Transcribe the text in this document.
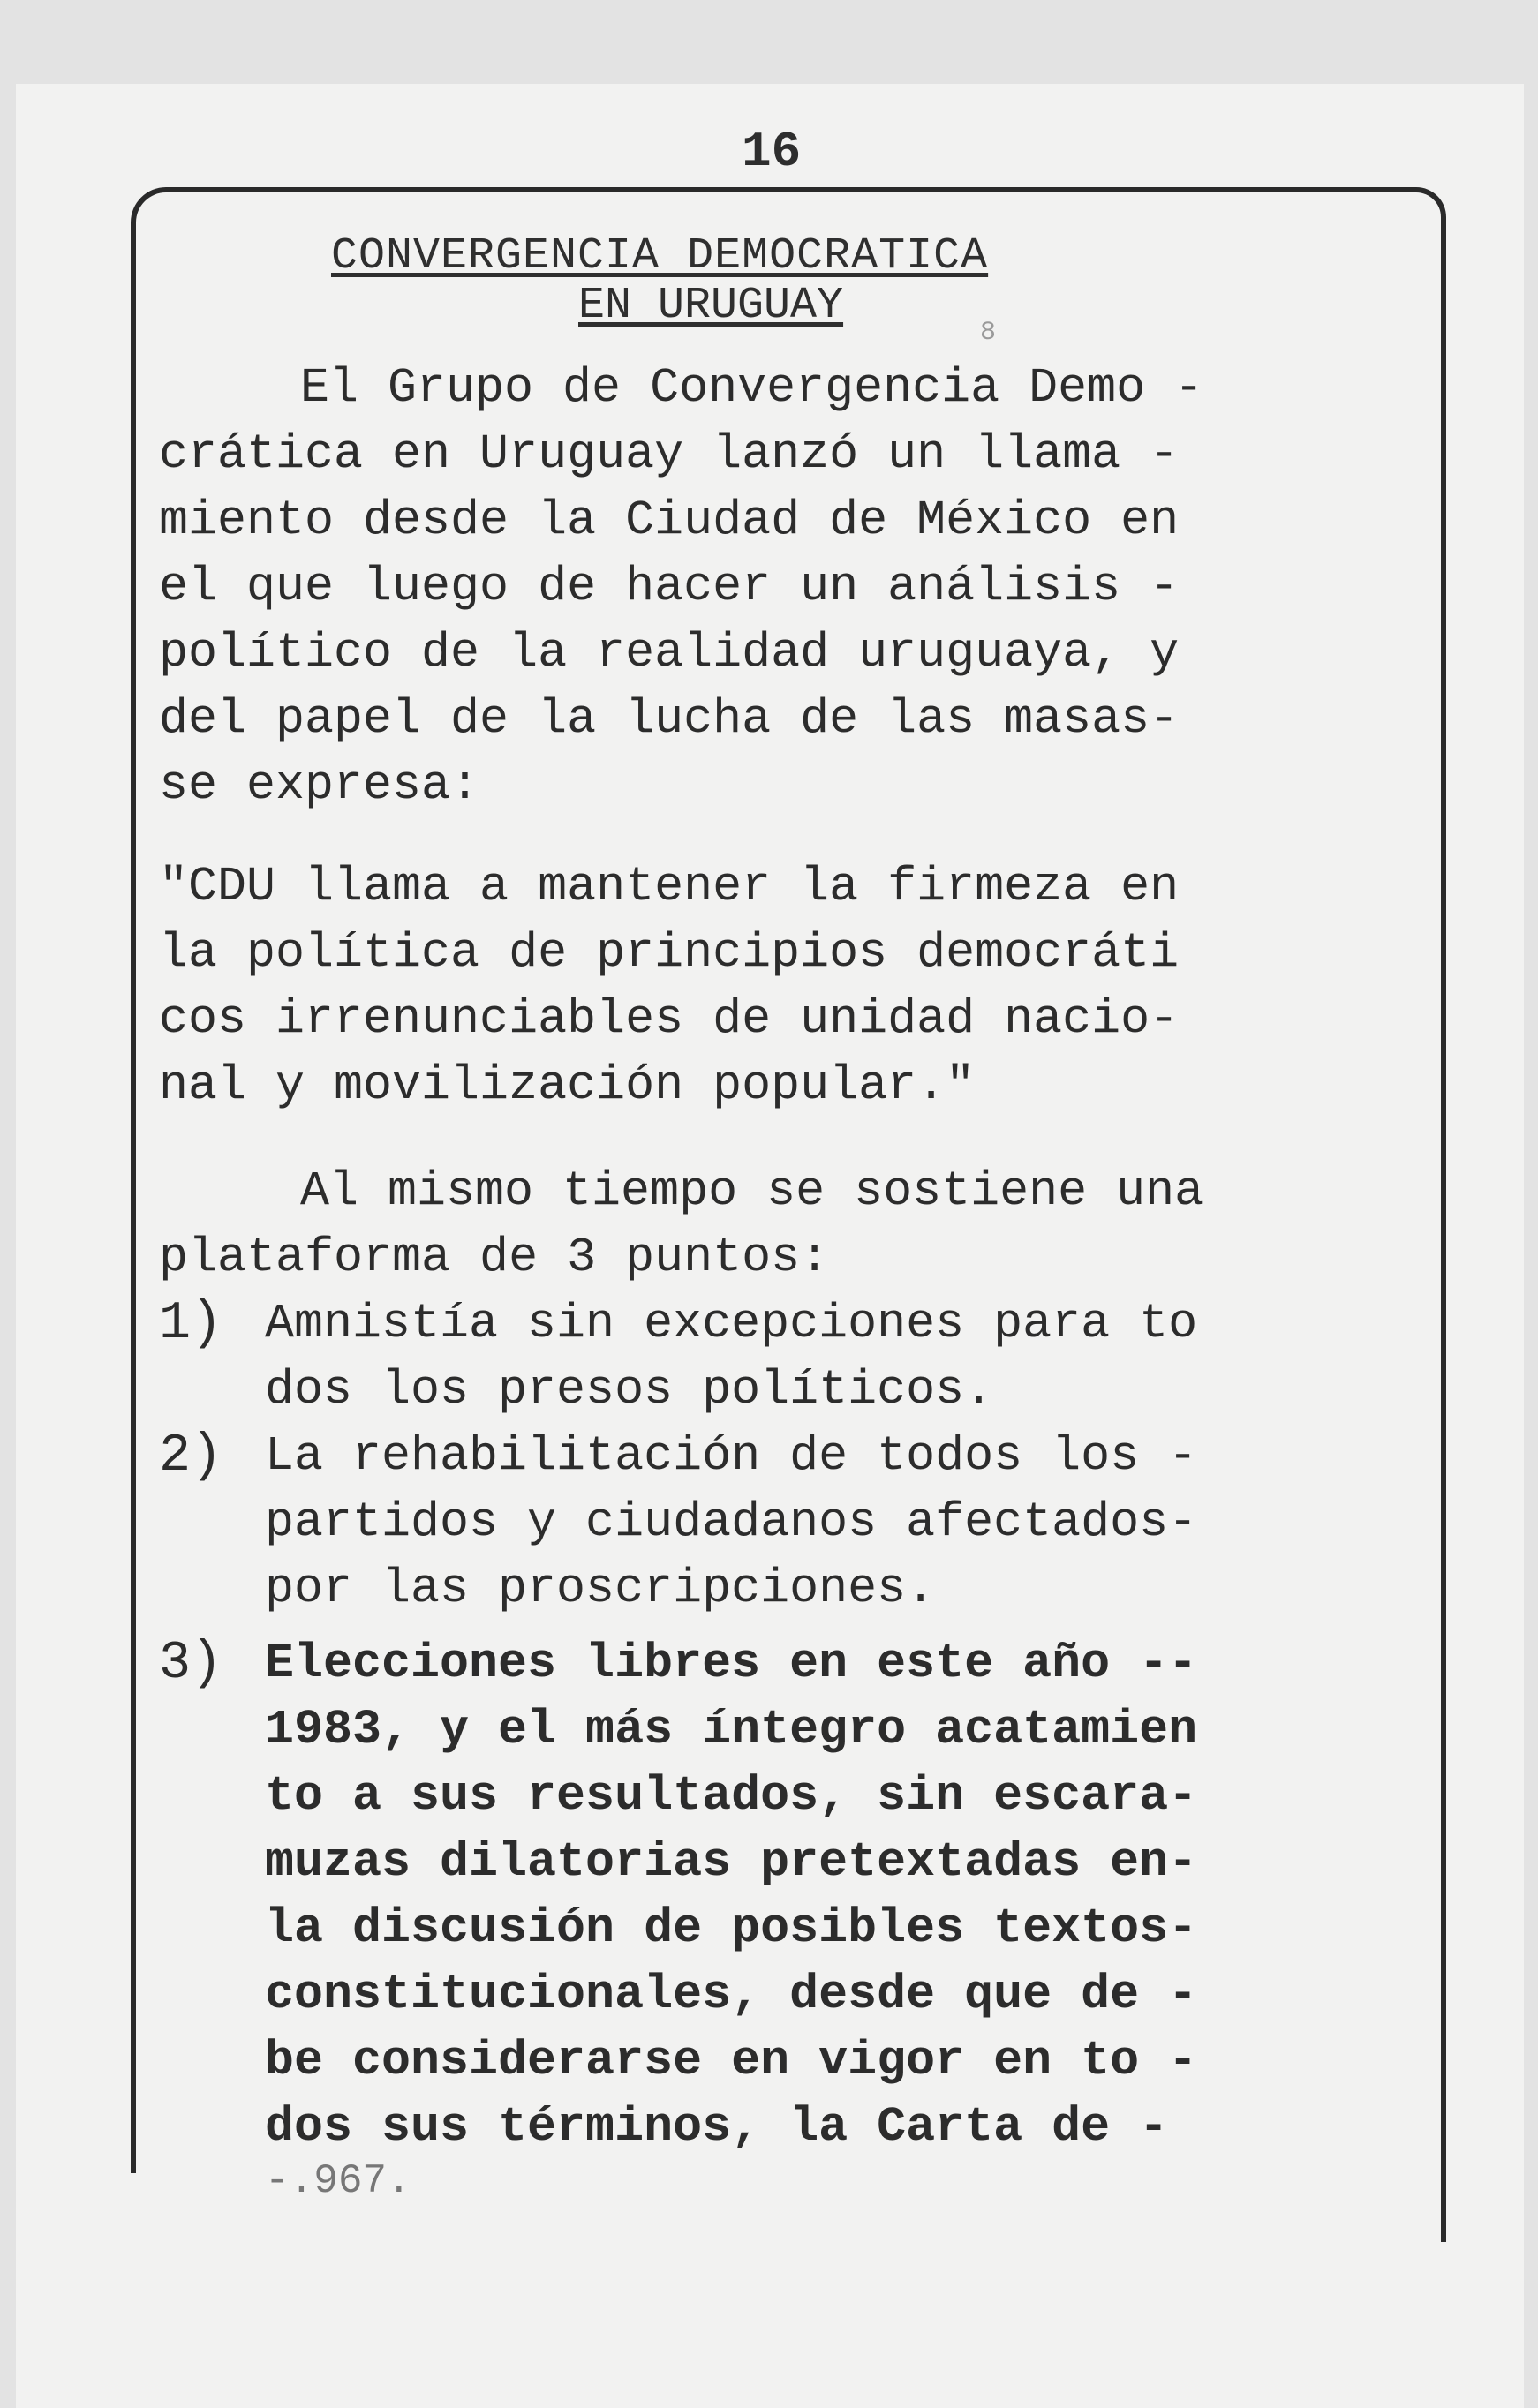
16
CONVERGENCIA DEMOCRATICA
EN URUGUAY
8
El Grupo de Convergencia Demo -
crática en Uruguay lanzó un llama -
miento desde la Ciudad de México en
el que luego de hacer un análisis -
político de la realidad uruguaya, y
del papel de la lucha de las masas-
se expresa:
"CDU llama a mantener la firmeza en
la política de principios democráti
cos irrenunciables de unidad nacio-
nal y movilización popular."
Al mismo tiempo se sostiene una
plataforma de 3 puntos:
1) Amnistía sin excepciones para to
dos los presos políticos.
2) La rehabilitación de todos los -
partidos y ciudadanos afectados-
por las proscripciones.
3) Elecciones libres en este año --
1983, y el más íntegro acatamien
to a sus resultados, sin escara-
muzas dilatorias pretextadas en-
la discusión de posibles textos-
constitucionales, desde que de -
be considerarse en vigor en to -
dos sus términos, la Carta de -
-.967.
